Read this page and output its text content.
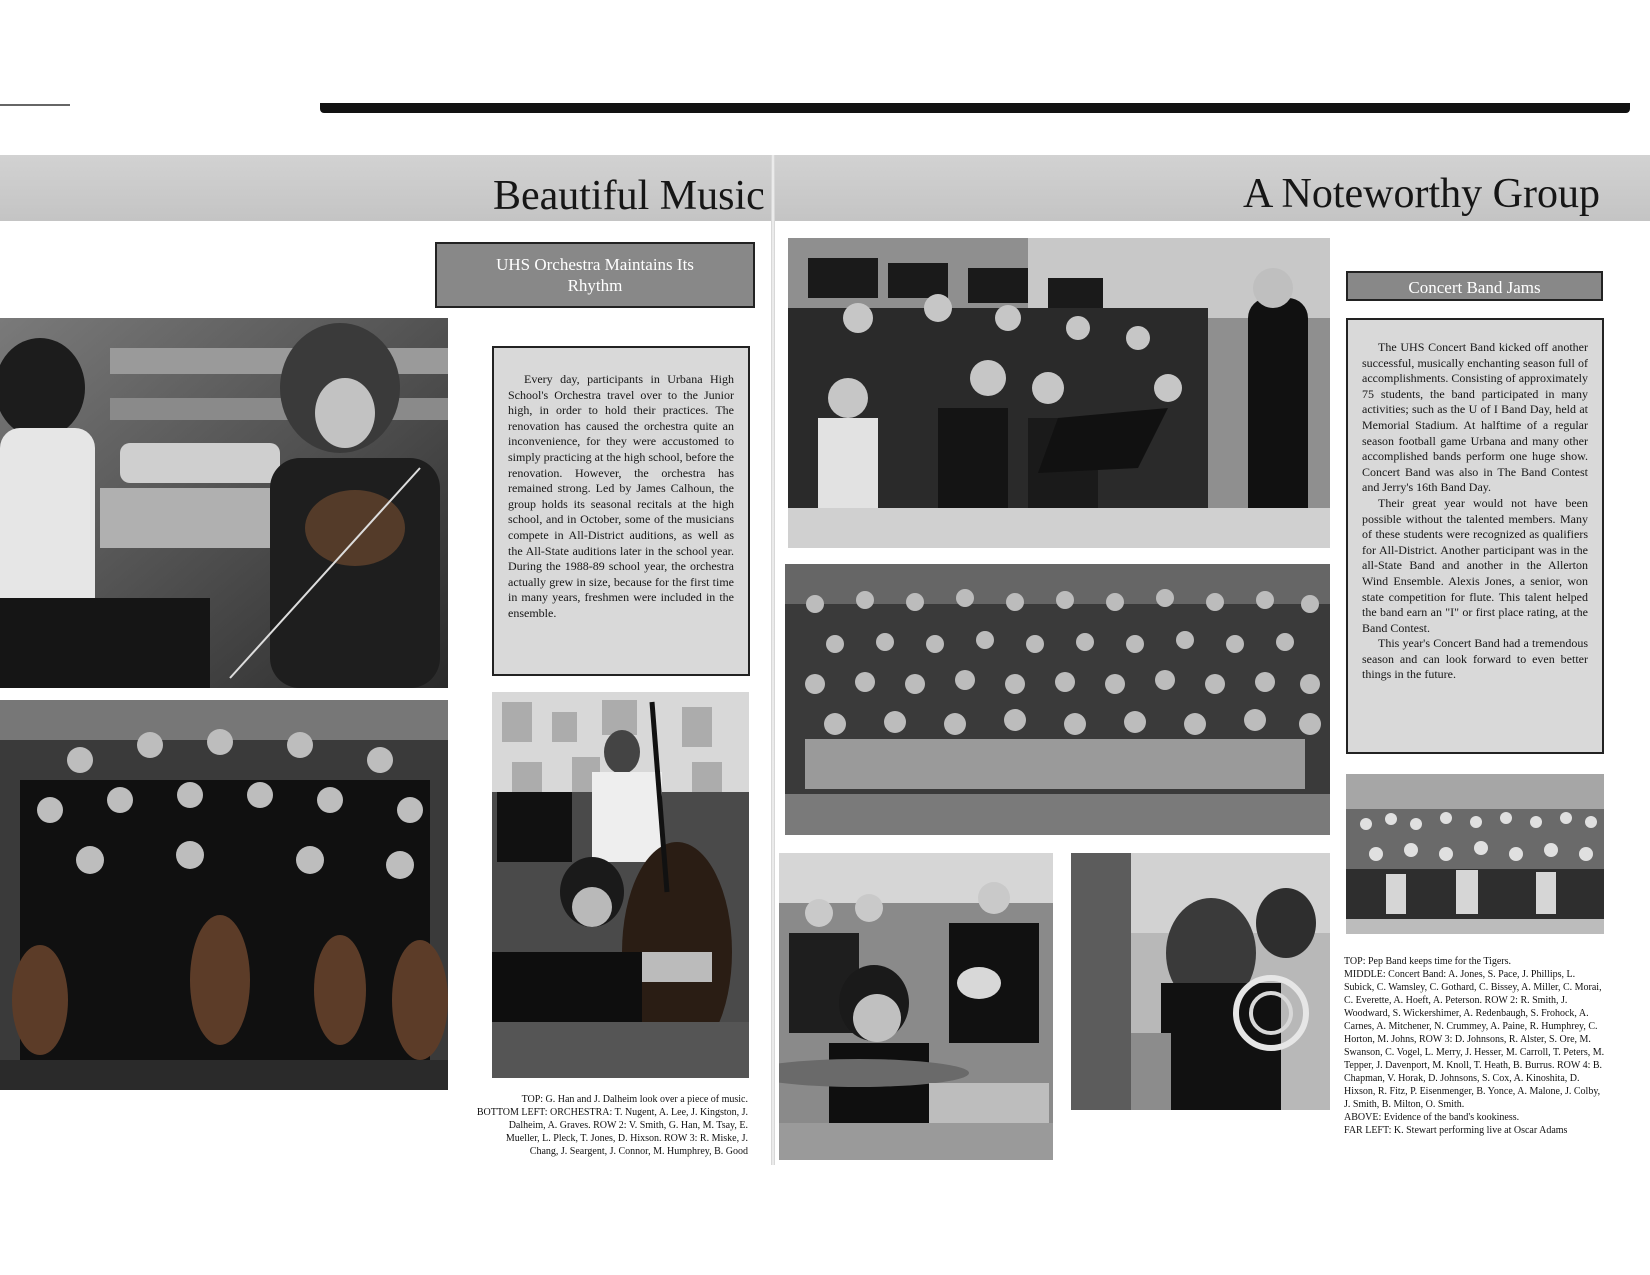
Beautiful Music	A Noteworthy Group
UHS Orchestra Maintains Its Rhythm

Every day, participants in Urbana High School's Orchestra travel over to the Junior high, in order to hold their practices. The renovation has caused the orchestra quite an inconvenience, for they were accustomed to simply practicing at the high school, before the renovation. However, the orchestra has remained strong. Led by James Calhoun, the group holds its seasonal recitals at the high school, and in October, some of the musicians compete in All-District auditions, as well as the All-State auditions later in the school year. During the 1988-89 school year, the orchestra actually grew in size, because for the first time in many years, freshmen were included in the ensemble.

TOP: G. Han and J. Dalheim look over a piece of music.

BOTTOM LEFT: ORCHESTRA: T. Nugent, A. Lee, J. Kingston, J. Dalheim, A. Graves. ROW 2: V. Smith, G. Han, M. Tsay, E. Mueller, L. Pleck, T. Jones, D. Hixson. ROW 3: R. Miske, J. Chang, J. Seargent, J. Connor, M. Humphrey, B. Good

Concert Band Jams

The UHS Concert Band kicked off another successful, musically enchanting season full of accomplishments. Consisting of approximately 75 students, the band participated in many activities; such as the U of I Band Day, held at Memorial Stadium. At halftime of a regular season football game Urbana and many other accomplished bands perform one huge show. Concert Band was also in The Band Contest and Jerry's 16th Band Day.

Their great year would not have been possible without the talented members. Many of these students were recognized as qualifiers for All-District. Another participant was in the all-State Band and another in the Allerton Wind Ensemble. Alexis Jones, a senior, won state competition for flute. This talent helped the band earn an "I" or first place rating, at the Band Contest.

This year's Concert Band had a tremendous season and can look forward to even better things in the future.

TOP: Pep Band keeps time for the Tigers.

MIDDLE: Concert Band: A. Jones, S. Pace, J. Phillips, L. Subick, C. Wamsley, C. Gothard, C. Bissey, A. Miller, C. Morai, C. Everette, A. Hoeft, A. Peterson. ROW 2: R. Smith, J. Woodward, S. Wickershimer, A. Redenbaugh, S. Frohock, A. Carnes, A. Mitchener, N. Crummey, A. Paine, R. Humphrey, C. Horton, M. Johns, ROW 3: D. Johnsons, R. Alster, S. Ore, M. Swanson, C. Vogel, L. Merry, J. Hesser, M. Carroll, T. Peters, M. Tepper, J. Davenport, M. Knoll, T. Heath, B. Burrus. ROW 4: B. Chapman, V. Horak, D. Johnsons, S. Cox, A. Kinoshita, D. Hixson, R. Fitz, P. Eisenmenger, B. Yonce, A. Malone, J. Colby, J. Smith, B. Milton, O. Smith.

ABOVE: Evidence of the band's kookiness.

FAR LEFT: K. Stewart performing live at Oscar Adams
